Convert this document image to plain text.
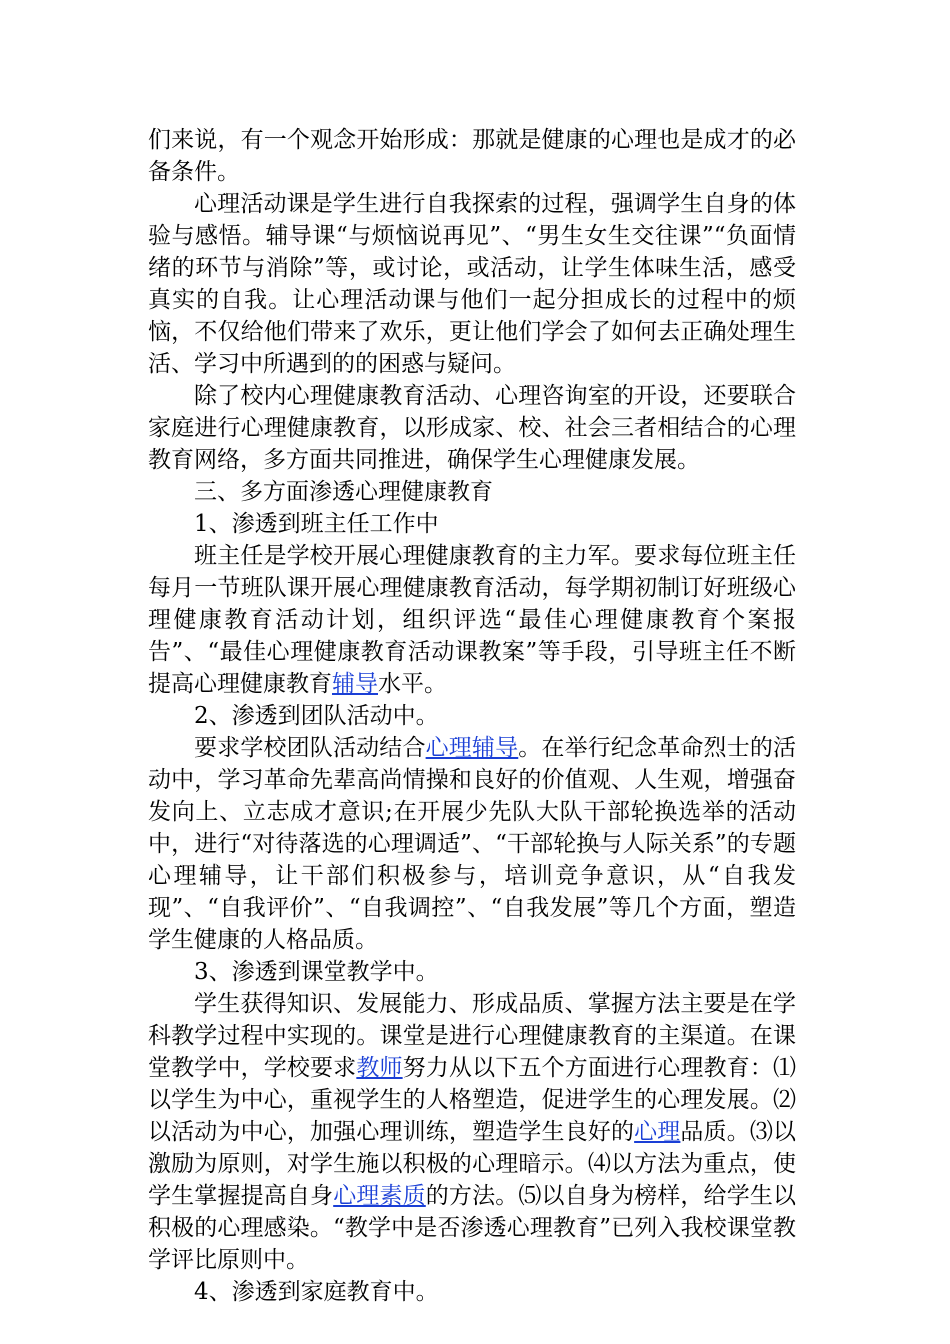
们来说，有一个观念开始形成：那就是健康的心理也是成才的必备条件。

心理活动课是学生进行自我探索的过程，强调学生自身的体验与感悟。辅导课“与烦恼说再见”、“男生女生交往课”“负面情绪的环节与消除”等，或讨论，或活动，让学生体味生活，感受真实的自我。让心理活动课与他们一起分担成长的过程中的烦恼，不仅给他们带来了欢乐，更让他们学会了如何去正确处理生活、学习中所遇到的的困惑与疑问。

除了校内心理健康教育活动、心理咨询室的开设，还要联合家庭进行心理健康教育，以形成家、校、社会三者相结合的心理教育网络，多方面共同推进，确保学生心理健康发展。

三、多方面渗透心理健康教育

1、渗透到班主任工作中

班主任是学校开展心理健康教育的主力军。要求每位班主任每月一节班队课开展心理健康教育活动，每学期初制订好班级心理健康教育活动计划，组织评选“最佳心理健康教育个案报告”、“最佳心理健康教育活动课教案”等手段，引导班主任不断提高心理健康教育辅导水平。

2、渗透到团队活动中。

要求学校团队活动结合心理辅导。在举行纪念革命烈士的活动中，学习革命先辈高尚情操和良好的价值观、人生观，增强奋发向上、立志成才意识;在开展少先队大队干部轮换选举的活动中，进行“对待落选的心理调适”、“干部轮换与人际关系”的专题心理辅导，让干部们积极参与，培训竞争意识，从“自我发现”、“自我评价”、“自我调控”、“自我发展”等几个方面，塑造学生健康的人格品质。

3、渗透到课堂教学中。

学生获得知识、发展能力、形成品质、掌握方法主要是在学科教学过程中实现的。课堂是进行心理健康教育的主渠道。在课堂教学中，学校要求教师努力从以下五个方面进行心理教育：⑴以学生为中心，重视学生的人格塑造，促进学生的心理发展。⑵以活动为中心，加强心理训练，塑造学生良好的心理品质。⑶以激励为原则，对学生施以积极的心理暗示。⑷以方法为重点，使学生掌握提高自身心理素质的方法。⑸以自身为榜样，给学生以积极的心理感染。“教学中是否渗透心理教育”已列入我校课堂教学评比原则中。

4、渗透到家庭教育中。
